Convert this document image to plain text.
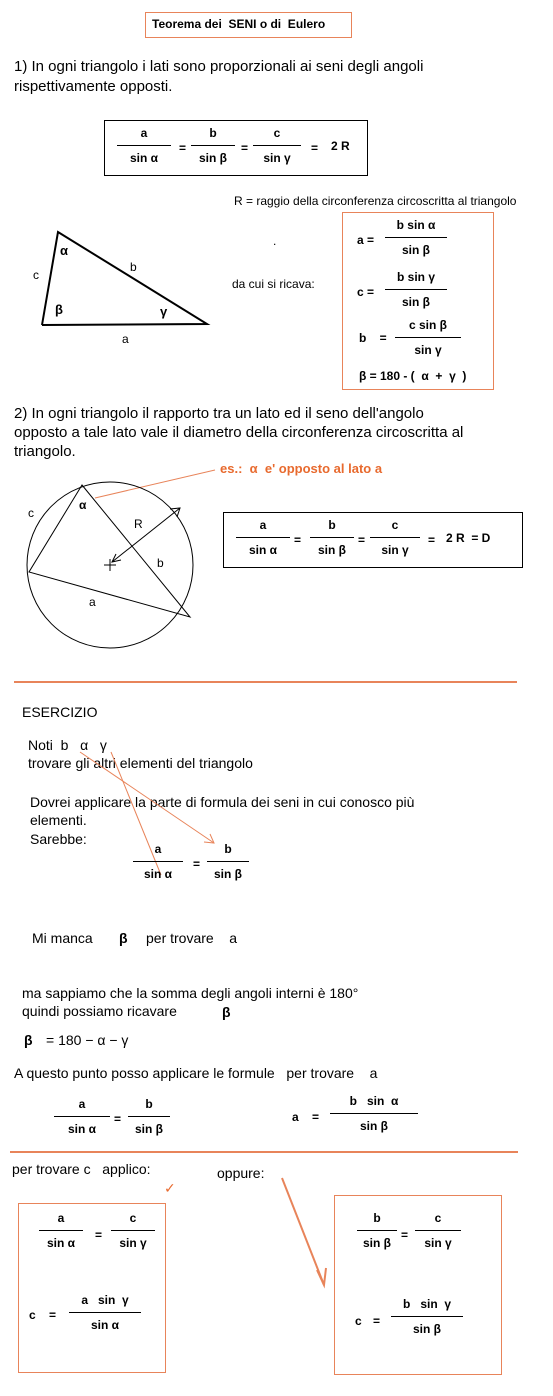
Teorema dei  SENI o di  Eulero
1) In ogni triangolo i lati sono proporzionali ai seni degli angoli
rispettivamente opposti.
a
sin α
=
b
sin β
=
c
sin γ
= 2 R
R = raggio della circonferenza circoscritta al triangolo
.
da cui si ricava:
α
b
c
β	γ
a
a =
b sin α
sin β
c =
b sin γ
sin β
b    =
c sin β
sin γ
β = 180 - (  α  +  γ  )
2) In ogni triangolo il rapporto tra un lato ed il seno dell'angolo
opposto a tale lato vale il diametro della circonferenza circoscritta al
triangolo.
es.:  α  e' opposto al lato a
α
c
R
b
a
a
sin α
=
b
sin β
=
c
sin γ
= 2 R  = D
ESERCIZIO
Noti  b   α   γ
trovare gli altri elementi del triangolo
Dovrei applicare la parte di formula dei seni in cui conosco più
elementi.
Sarebbe:
a
sin α
=
b
sin β
Mi manca β per trovare    a
ma sappiamo che la somma degli angoli interni è 180°
quindi possiamo ricavare	β
β = 180 − α − γ
A questo punto posso applicare le formule   per trovare    a
a
sin α
=
b
sin β
a =
b   sin  α
sin β
per trovare c   applico:
✓
oppure:
a
sin α
=
c
sin γ
c =
a   sin  γ
sin α
b
sin β
=
c
sin γ
c =
b   sin  γ
sin β
